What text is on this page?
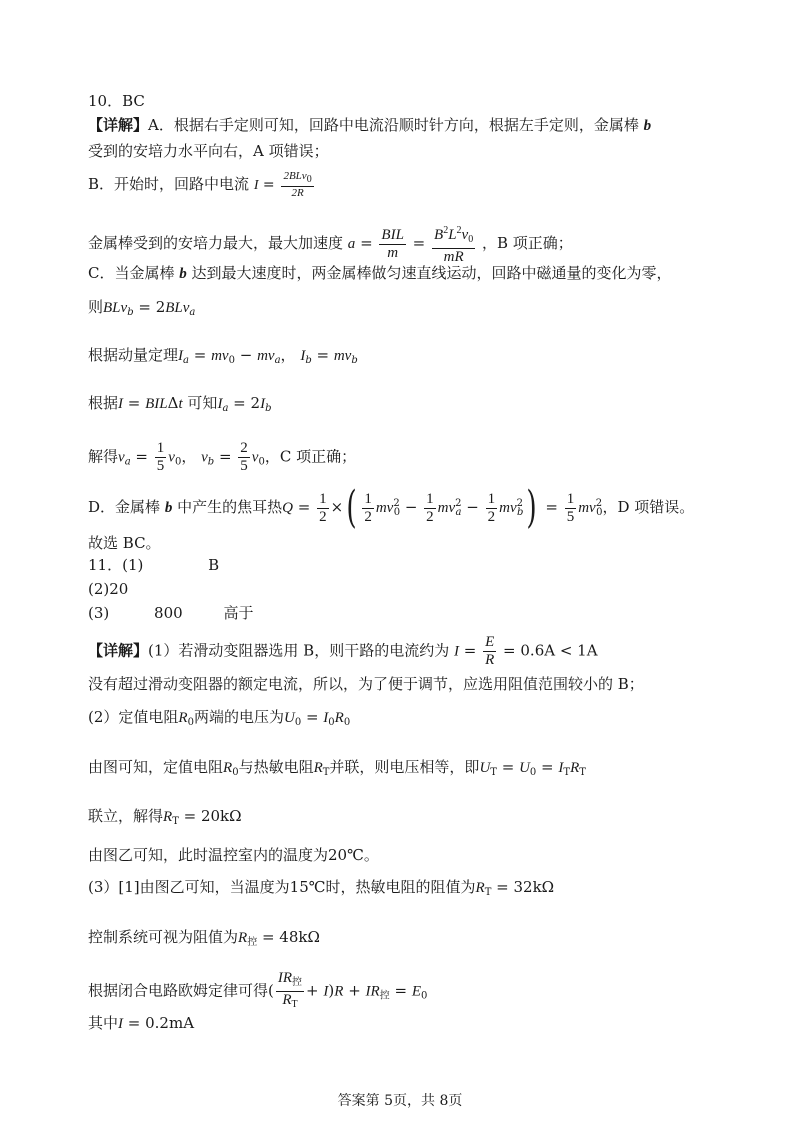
10．BC
【详解】A．根据右手定则可知，回路中电流沿顺时针方向，根据左手定则，金属棒 b
受到的安培力水平向右，A 项错误；
B．开始时，回路中电流 $I = \frac{\text{2BLv0}}{2R}$
金属棒受到的安培力最大，最大加速度 $a = \frac{\text{BIL}}{m} = \frac{B^2L^2v_0}{mR}$ ，B 项正确；
C．当金属棒 b 达到最大速度时，两金属棒做匀速直线运动，回路中磁通量的变化为零，
则BLv$_b$ = 2BLv$_a$
根据动量定理$I_a = mv_0 - mv_a$， $I_b = mv_b$
根据I = BILΔt 可知$I_a = 2I_b$
解得$v_a = \frac{1}{5} v_0$， $v_b = \frac{2}{5} v_0$，C 项正确；
D．金属棒 b 中产生的焦耳热$Q = \frac{1}{2}$ ×( $\frac{1}{2} mv^2_0 - \frac{1}{2} mv^2_a - \frac{1}{2} mv^2_b) = \frac{1}{5} mv^2_0$，D 项错误。
故选 BC。
11．(1)	B
(2)20
(3)	800	高于
【详解】(1）若滑动变阻器选用 B，则干路的电流约为 $I = \frac{E}{R} = 0.6A < 1A$
没有超过滑动变阻器的额定电流，所以，为了便于调节，应选用阻值范围较小的 B；
(2）定值电阻$R_0$两端的电压为$U_0 = I_0R_0$
由图可知，定值电阻$R_0$与热敏电阻$R_T$并联，则电压相等，即$U_T = U_0 = I_TR_T$
联立，解得$R_T = 20k\Omega$
由图乙可知，此时温控室内的温度为20℃。
(3）[1]由图乙可知，当温度为15℃时，热敏电阻的阻值为$R_T = 32k\Omega$
控制系统可视为阻值为$R_控 = 48k\Omega$
根据闭合电路欧姆定律可得( $\frac{IR_控}{R_T} + I)R + IR_控 = E_0$
其中I = 0.2mA
答案第 5页，共 8页
